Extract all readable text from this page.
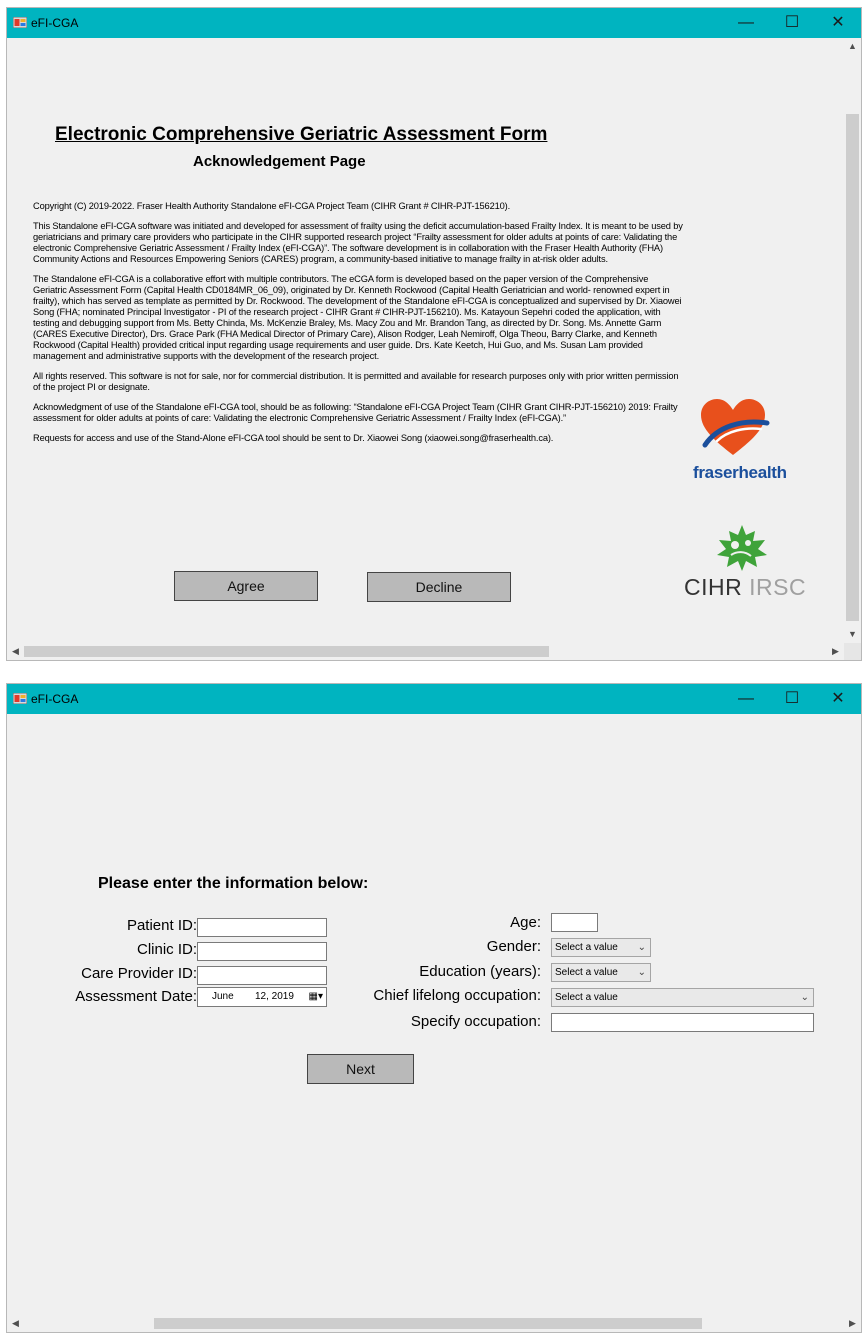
eFI-CGA	—	☐	✕
Electronic Comprehensive Geriatric Assessment Form
Acknowledgement Page

Copyright (C) 2019-2022. Fraser Health Authority Standalone eFI-CGA Project Team (CIHR Grant # CIHR-PJT-156210).

This Standalone eFI-CGA software was initiated and developed for assessment of frailty using the deficit accumulation-based Frailty Index. It is meant to be used by geriatricians and primary care providers who participate in the CIHR supported research project “Frailty assessment for older adults at points of care: Validating the electronic Comprehensive Geriatric Assessment / Frailty Index (eFI-CGA)”. The software development is in collaboration with the Fraser Health Authority (FHA) Community Actions and Resources Empowering Seniors (CARES) program, a community-based initiative to manage frailty in at-risk older adults.

The Standalone eFI-CGA is a collaborative effort with multiple contributors. The eCGA form is developed based on the paper version of the Comprehensive Geriatric Assessment Form (Capital Health CD0184MR_06_09), originated by Dr. Kenneth Rockwood (Capital Health Geriatrician and world- renowned expert in frailty), which has served as template as permitted by Dr. Rockwood. The development of the Standalone eFI-CGA is conceptualized and supervised by Dr. Xiaowei Song (FHA; nominated Principal Investigator - PI of the research project - CIHR Grant # CIHR-PJT-156210). Ms. Katayoun Sepehri coded the application, with testing and debugging support from Ms. Betty Chinda, Ms. McKenzie Braley, Ms. Macy Zou and Mr. Brandon Tang, as directed by Dr. Song. Ms. Annette Garm (CARES Executive Director), Drs. Grace Park (FHA Medical Director of Primary Care), Alison Rodger, Leah Nemiroff, Olga Theou, Barry Clarke, and Kenneth Rockwood (Capital Health) provided critical input regarding usage requirements and user guide. Drs. Kate Keetch, Hui Guo, and Ms. Susan Lam provided management and administrative supports with the development of the research project.

All rights reserved. This software is not for sale, nor for commercial distribution. It is permitted and available for research purposes only with prior written permission of the project PI or designate.

Acknowledgment of use of the Standalone eFI-CGA tool, should be as following: “Standalone eFI-CGA Project Team (CIHR Grant CIHR-PJT-156210) 2019: Frailty assessment for older adults at points of care: Validating the electronic Comprehensive Geriatric Assessment / Frailty Index (eFI-CGA).”

Requests for access and use of the Stand-Alone eFI-CGA tool should be sent to Dr. Xiaowei Song (xiaowei.song@fraserhealth.ca).

Agree	Decline
fraserhealth
CIHR IRSC
▲
▼
◀	▶
eFI-CGA	—	☐	✕
Please enter the information below:
Patient ID:
Clinic ID:
Care Provider ID:
Assessment Date: June 12, 2019 ▦▾
Age:
Gender:	Select a value ⌄
Education (years):	Select a value ⌄
Chief lifelong occupation:	Select a value	⌄
Specify occupation:
Next
◀	▶
